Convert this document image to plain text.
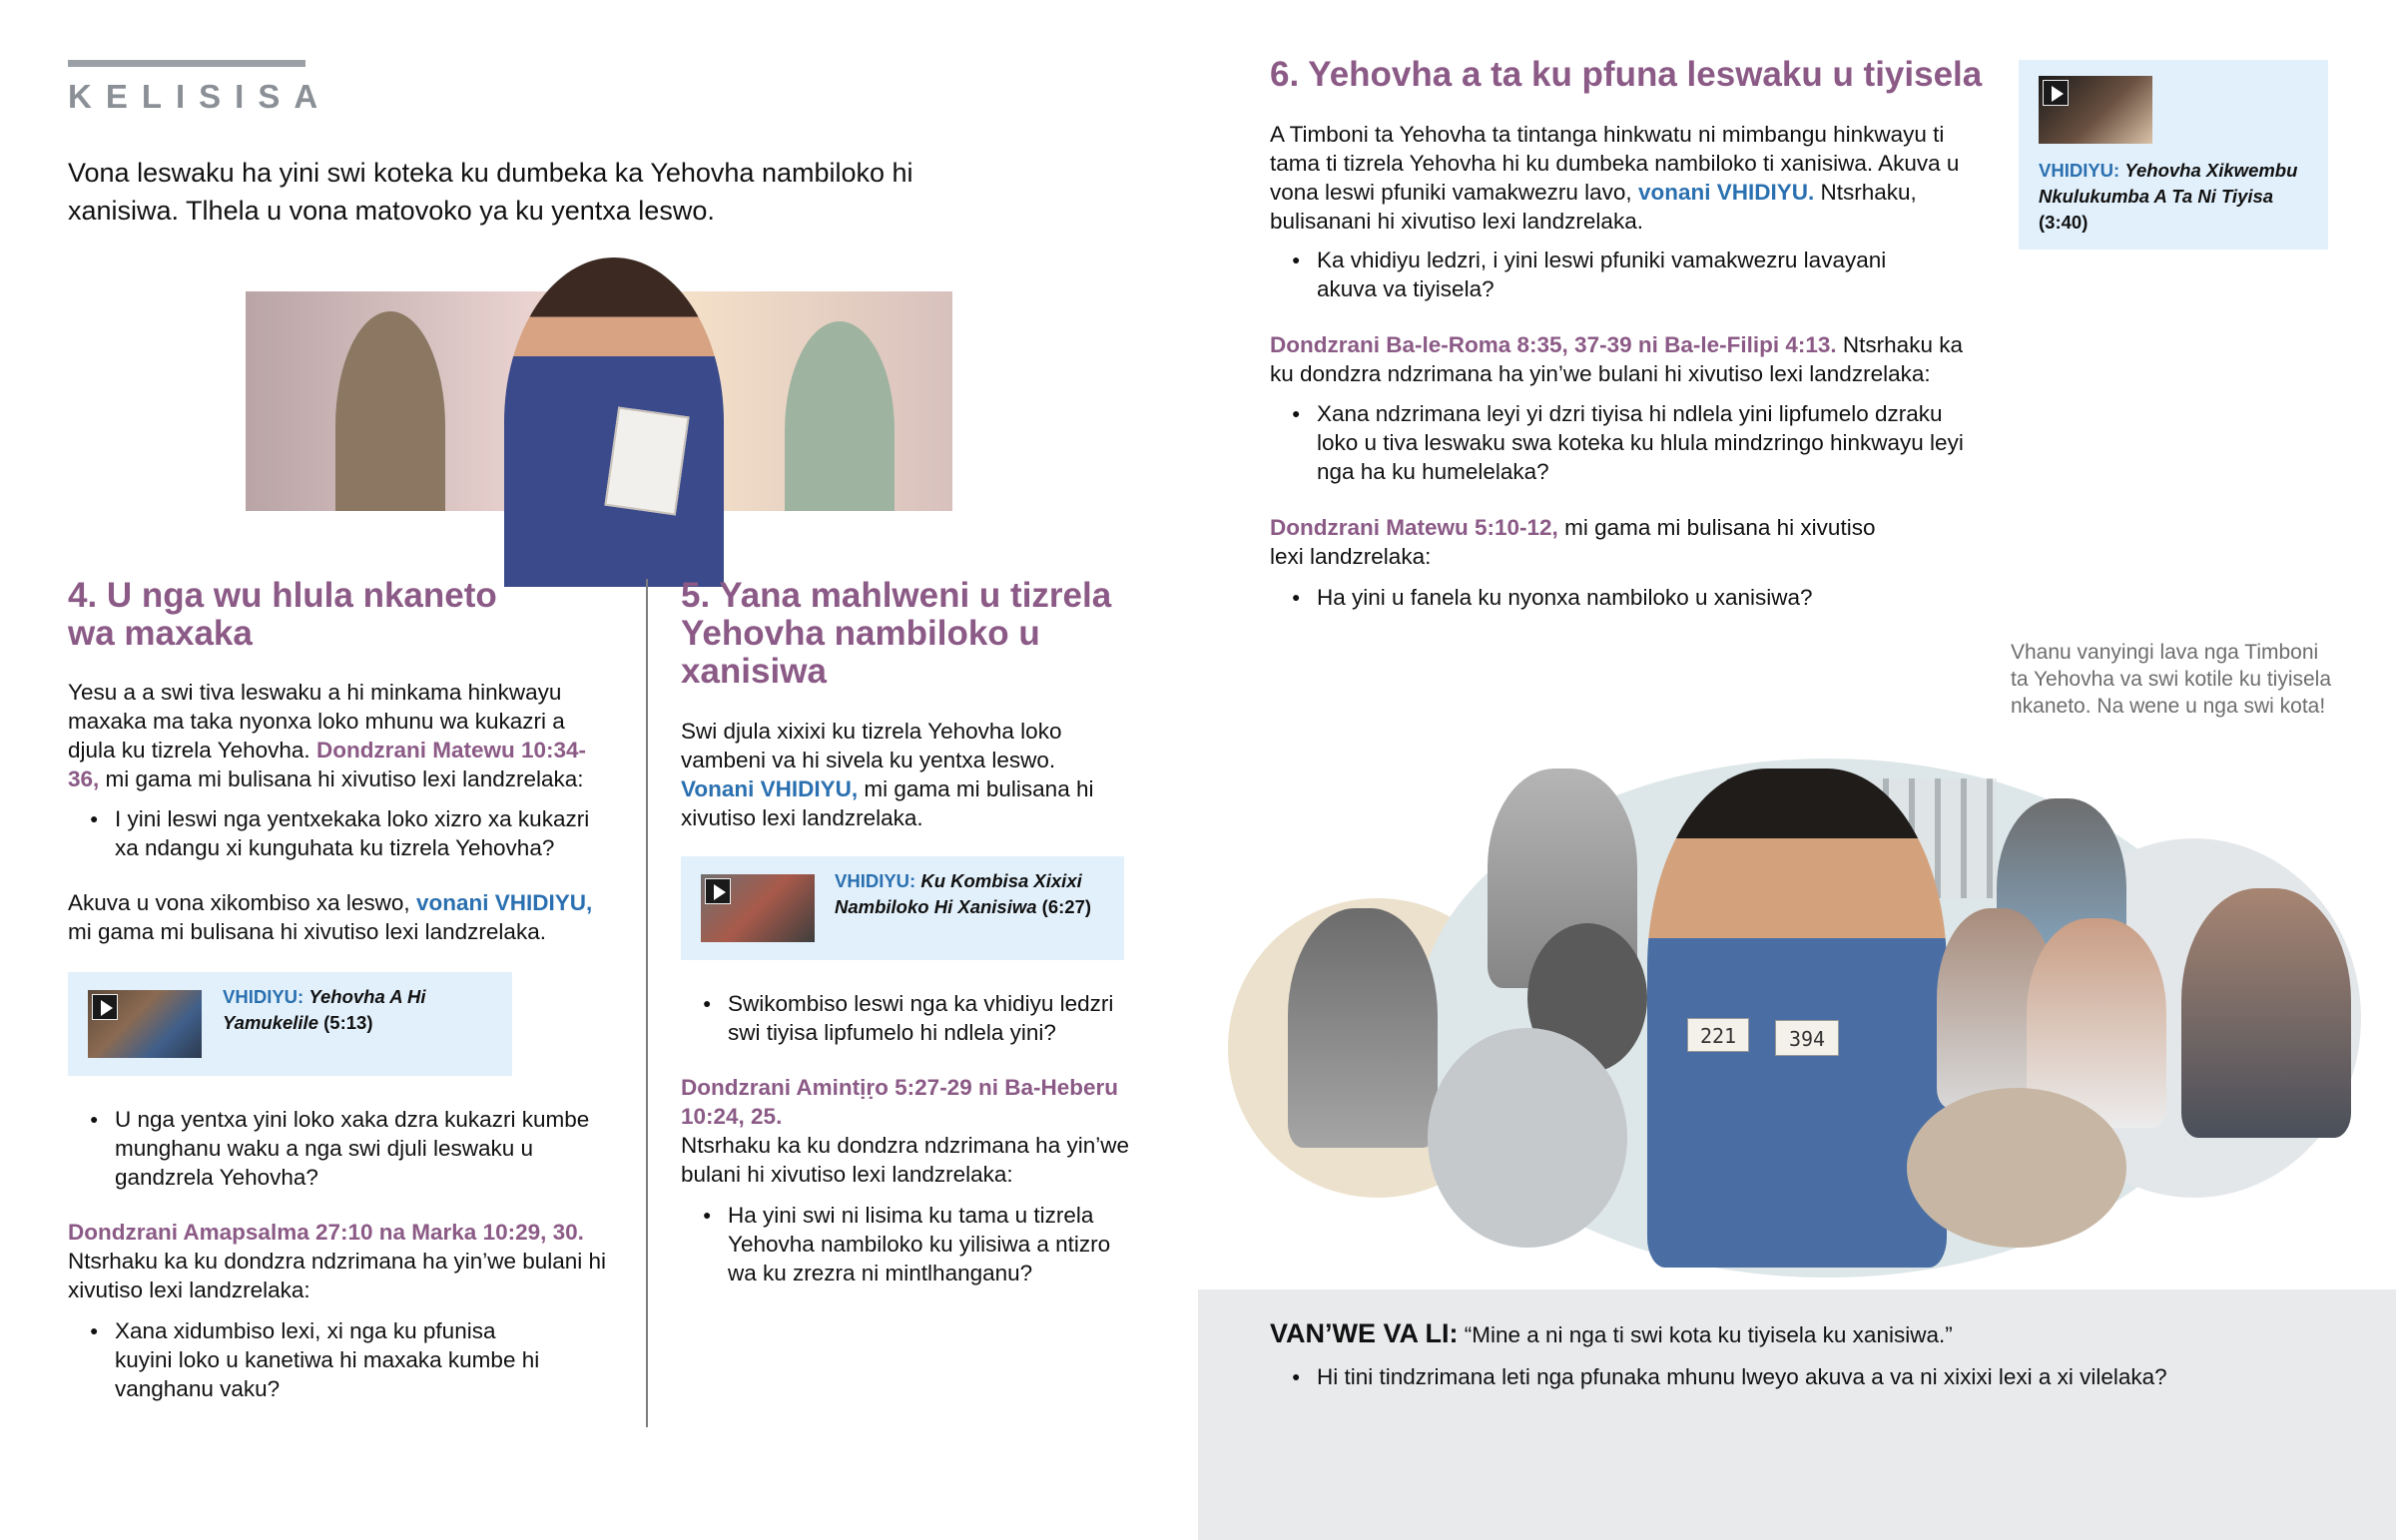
KELISISA
Vona leswaku ha yini swi koteka ku dumbeka ka Yehovha nambiloko hi xanisiwa. Tlhela u vona matovoko ya ku yentxa leswo.
4. U nga wu hlula nkaneto
wa maxaka
Yesu a a swi tiva leswaku a hi minkama hinkwayu maxaka ma taka nyonxa loko mhunu wa kukazri a djula ku tizrela Yehovha. Dondzrani Matewu 10:34-36, mi gama mi bulisana hi xivutiso lexi landzrelaka:
● I yini leswi nga yentxekaka loko xizro xa kukazri xa ndangu xi kunguhata ku tizrela Yehovha?
Akuva u vona xikombiso xa leswo, vonani VHIDIYU, mi gama mi bulisana hi xivutiso lexi landzrelaka.
VHIDIYU: Yehovha A Hi Yamukelile (5:13)
● U nga yentxa yini loko xaka dzra kukazri kumbe munghanu waku a nga swi djuli leswaku u gandzrela Yehovha?
Dondzrani Amapsalma 27:10 na Marka 10:29, 30.
Ntsrhaku ka ku dondzra ndzrimana ha yin’we bulani hi xivutiso lexi landzrelaka:
● Xana xidumbiso lexi, xi nga ku pfunisa kuyini loko u kanetiwa hi maxaka kumbe hi vanghanu vaku?
5. Yana mahlweni u tizrela
Yehovha nambiloko u
xanisiwa
Swi djula xixixi ku tizrela Yehovha loko vambeni va hi sivela ku yentxa leswo. Vonani VHIDIYU, mi gama mi bulisana hi xivutiso lexi landzrelaka.
VHIDIYU: Ku Kombisa Xixixi Nambiloko Hi Xanisiwa (6:27)
● Swikombiso leswi nga ka vhidiyu ledzri swi tiyisa lipfumelo hi ndlela yini?
Dondzrani Amintịṛo 5:27-29 ni Ba-Heberu
10:24, 25.
Ntsrhaku ka ku dondzra ndzrimana ha yin’we bulani hi xivutiso lexi landzrelaka:
● Ha yini swi ni lisima ku tama u tizrela Yehovha nambiloko ku yilisiwa a ntizro wa ku zrezra ni mintlhanganu?
6. Yehovha a ta ku pfuna leswaku u tiyisela
A Timboni ta Yehovha ta tintanga hinkwatu ni mimbangu hinkwayu ti tama ti tizrela Yehovha hi ku dumbeka nambiloko ti xanisiwa. Akuva u vona leswi pfuniki vamakwezru lavo, vonani VHIDIYU. Ntsrhaku, bulisanani hi xivutiso lexi landzrelaka.
● Ka vhidiyu ledzri, i yini leswi pfuniki vamakwezru lavayani akuva va tiyisela?
Dondzrani Ba-le-Roma 8:35, 37-39 ni Ba-le-Filipi 4:13. Ntsrhaku ka ku dondzra ndzrimana ha yin’we bulani hi xivutiso lexi landzrelaka:
● Xana ndzrimana leyi yi dzri tiyisa hi ndlela yini lipfumelo dzraku loko u tiva leswaku swa koteka ku hlula mindzringo hinkwayu leyi nga ha ku humelelaka?
Dondzrani Matewu 5:10-12, mi gama mi bulisana hi xivutiso lexi landzrelaka:
● Ha yini u fanela ku nyonxa nambiloko u xanisiwa?
VHIDIYU: Yehovha Xikwembu Nkulukumba A Ta Ni Tiyisa (3:40)
Vhanu vanyingi lava nga Timboni ta Yehovha va swi kotile ku tiyisela nkaneto. Na wene u nga swi kota!
221	394
VAN’WE VA LI: “Mine a ni nga ti swi kota ku tiyisela ku xanisiwa.”
● Hi tini tindzrimana leti nga pfunaka mhunu lweyo akuva a va ni xixixi lexi a xi vilelaka?
